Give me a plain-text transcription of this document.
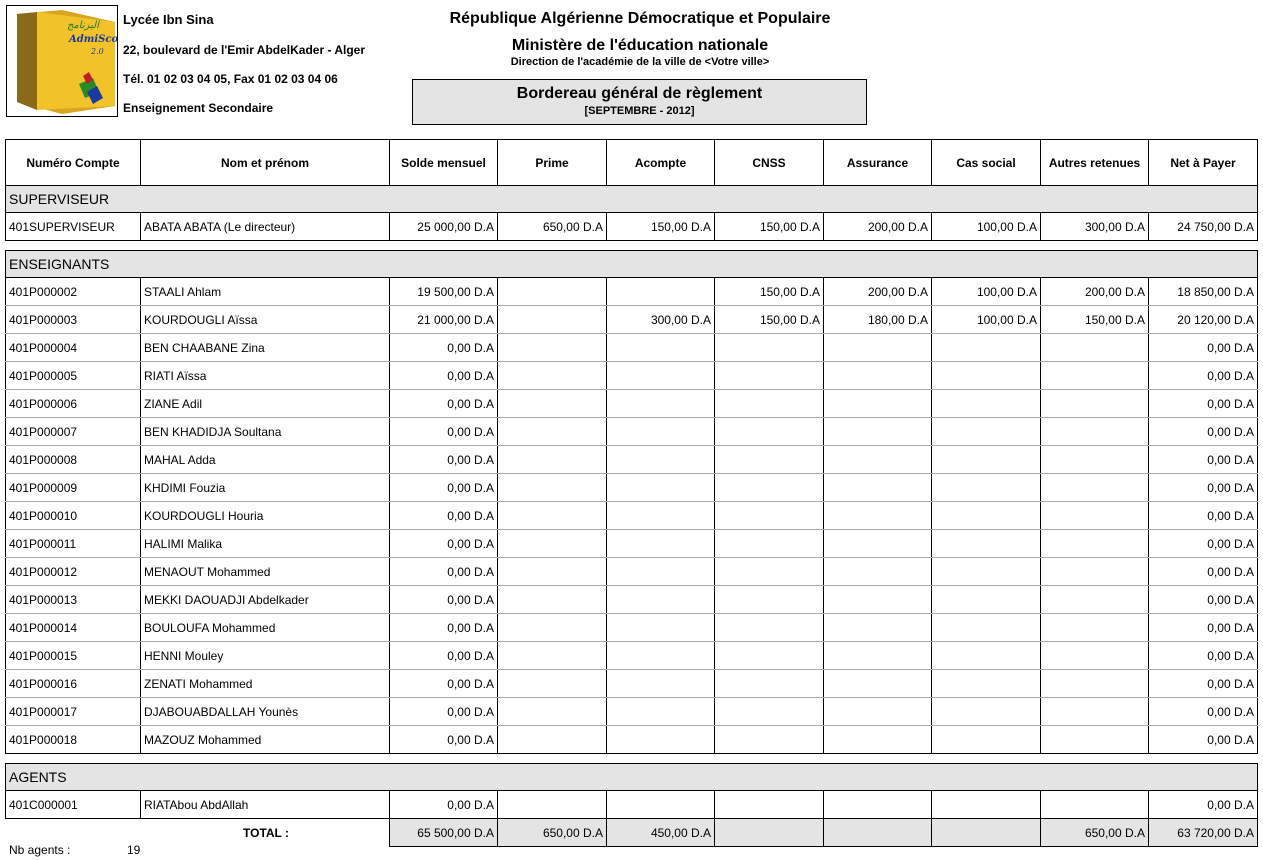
ﺍﻟﺒﺮﻧﺎﻣﺞ
AdmiSco
2.0
Lycée Ibn Sina
22, boulevard de l'Emir AbdelKader - Alger
Tél. 01 02 03 04 05, Fax 01 02 03 04 06
Enseignement Secondaire
République Algérienne Démocratique et Populaire
Ministère de l'éducation nationale
Direction de l'académie de la ville de <Votre ville>
Bordereau général de règlement
[SEPTEMBRE - 2012]
Numéro Compte	Nom et prénom	Solde mensuel	Prime	Acompte	CNSS	Assurance	Cas social	Autres retenues	Net à Payer
SUPERVISEUR									
401SUPERVISEUR	ABATA ABATA (Le directeur)	25 000,00 D.A	650,00 D.A	150,00 D.A	150,00 D.A	200,00 D.A	100,00 D.A	300,00 D.A	24 750,00 D.A

ENSEIGNANTS									
401P000002	STAALI Ahlam	19 500,00 D.A			150,00 D.A	200,00 D.A	100,00 D.A	200,00 D.A	18 850,00 D.A
401P000003	KOURDOUGLI Aïssa	21 000,00 D.A		300,00 D.A	150,00 D.A	180,00 D.A	100,00 D.A	150,00 D.A	20 120,00 D.A
401P000004	BEN CHAABANE Zina	0,00 D.A							0,00 D.A
401P000005	RIATI Aïssa	0,00 D.A							0,00 D.A
401P000006	ZIANE Adil	0,00 D.A							0,00 D.A
401P000007	BEN KHADIDJA Soultana	0,00 D.A							0,00 D.A
401P000008	MAHAL Adda	0,00 D.A							0,00 D.A
401P000009	KHDIMI Fouzia	0,00 D.A							0,00 D.A
401P000010	KOURDOUGLI Houria	0,00 D.A							0,00 D.A
401P000011	HALIMI Malika	0,00 D.A							0,00 D.A
401P000012	MENAOUT Mohammed	0,00 D.A							0,00 D.A
401P000013	MEKKI DAOUADJI Abdelkader	0,00 D.A							0,00 D.A
401P000014	BOULOUFA Mohammed	0,00 D.A							0,00 D.A
401P000015	HENNI Mouley	0,00 D.A							0,00 D.A
401P000016	ZENATI Mohammed	0,00 D.A							0,00 D.A
401P000017	DJABOUABDALLAH Younès	0,00 D.A							0,00 D.A
401P000018	MAZOUZ Mohammed	0,00 D.A							0,00 D.A

AGENTS									
401C000001	RIATAbou AbdAllah	0,00 D.A							0,00 D.A
TOTAL :		65 500,00 D.A	650,00 D.A	450,00 D.A				650,00 D.A	63 720,00 D.A
Nb agents :	19
